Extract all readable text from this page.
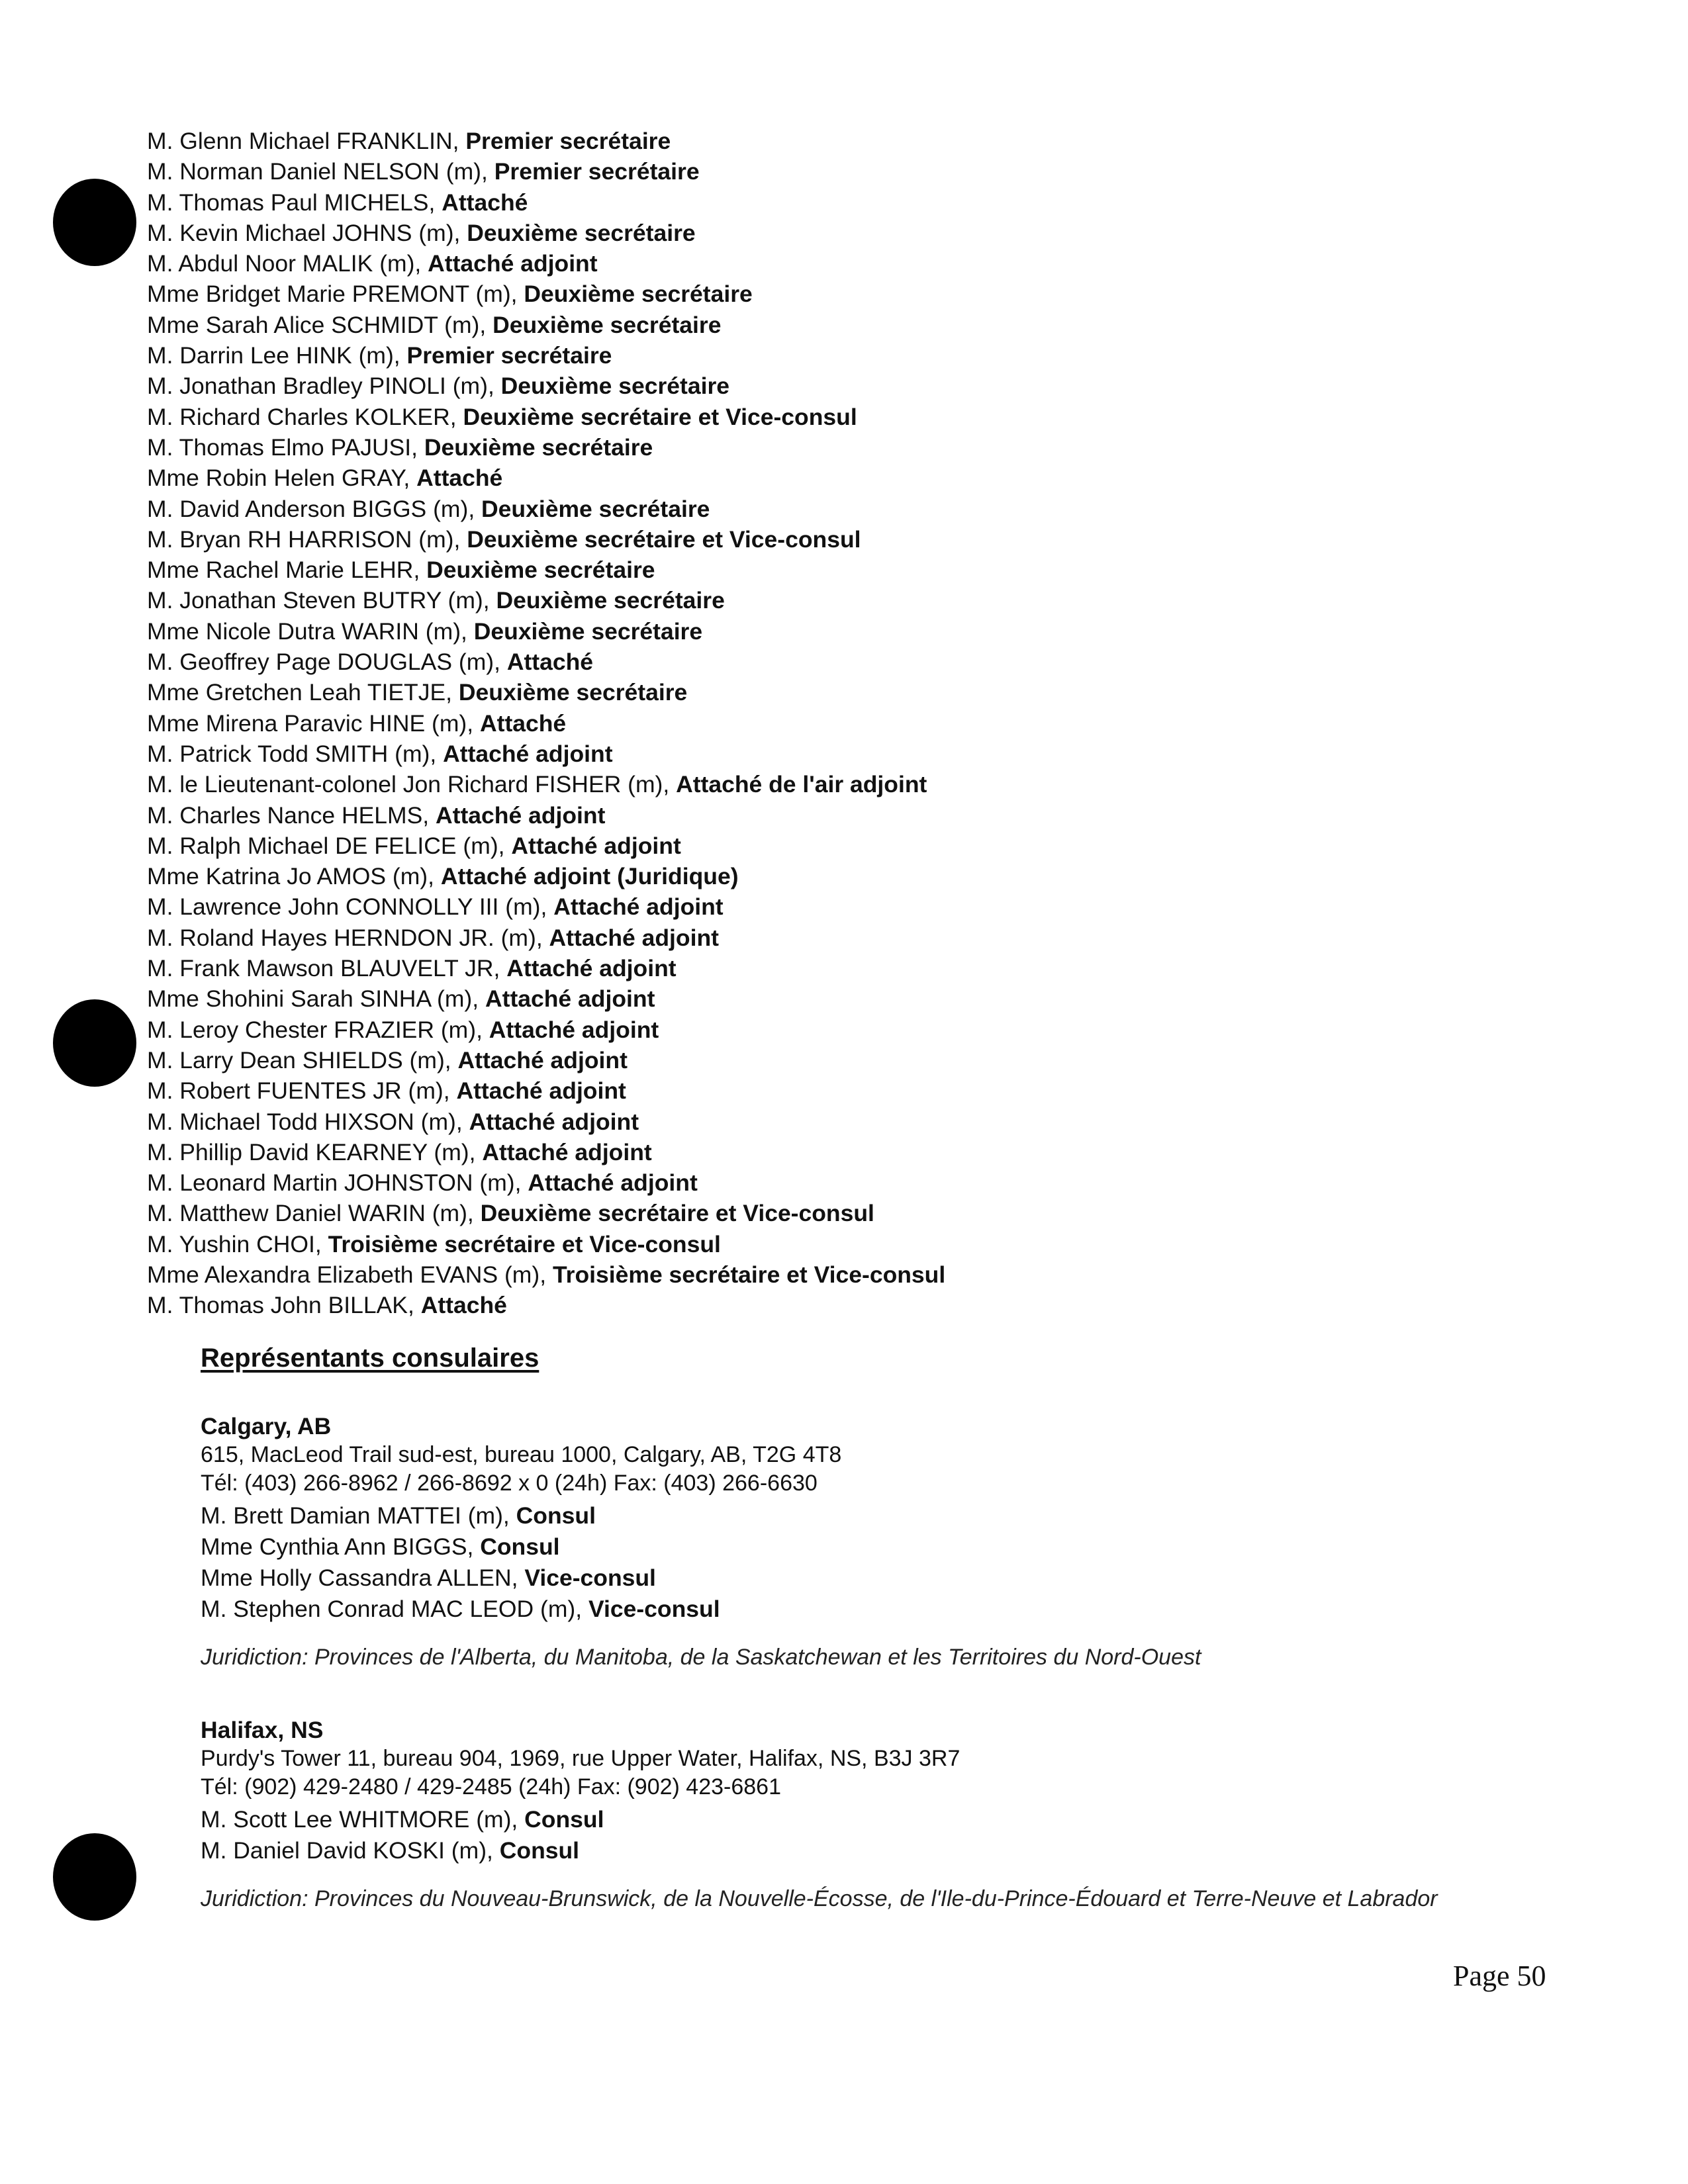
M. Glenn Michael FRANKLIN, Premier secrétaire
M. Norman Daniel NELSON (m), Premier secrétaire
M. Thomas Paul MICHELS, Attaché
M. Kevin Michael JOHNS (m), Deuxième secrétaire
M. Abdul Noor MALIK (m), Attaché adjoint
Mme Bridget Marie PREMONT (m), Deuxième secrétaire
Mme Sarah Alice SCHMIDT (m), Deuxième secrétaire
M. Darrin Lee HINK (m), Premier secrétaire
M. Jonathan Bradley PINOLI (m), Deuxième secrétaire
M. Richard Charles KOLKER, Deuxième secrétaire et Vice-consul
M. Thomas Elmo PAJUSI, Deuxième secrétaire
Mme Robin Helen GRAY, Attaché
M. David Anderson BIGGS (m), Deuxième secrétaire
M. Bryan RH HARRISON (m), Deuxième secrétaire et Vice-consul
Mme Rachel Marie LEHR, Deuxième secrétaire
M. Jonathan Steven BUTRY (m), Deuxième secrétaire
Mme Nicole Dutra WARIN (m), Deuxième secrétaire
M. Geoffrey Page DOUGLAS (m), Attaché
Mme Gretchen Leah TIETJE, Deuxième secrétaire
Mme Mirena Paravic HINE (m), Attaché
M. Patrick Todd SMITH (m), Attaché adjoint
M. le Lieutenant-colonel Jon Richard FISHER (m), Attaché de l'air adjoint
M. Charles Nance HELMS, Attaché adjoint
M. Ralph Michael DE FELICE (m), Attaché adjoint
Mme Katrina Jo AMOS (m), Attaché adjoint (Juridique)
M. Lawrence John CONNOLLY III (m), Attaché adjoint
M. Roland Hayes HERNDON JR. (m), Attaché adjoint
M. Frank Mawson BLAUVELT JR, Attaché adjoint
Mme Shohini Sarah SINHA (m), Attaché adjoint
M. Leroy Chester FRAZIER (m), Attaché adjoint
M. Larry Dean SHIELDS (m), Attaché adjoint
M. Robert FUENTES JR (m), Attaché adjoint
M. Michael Todd HIXSON (m), Attaché adjoint
M. Phillip David KEARNEY (m), Attaché adjoint
M. Leonard Martin JOHNSTON (m), Attaché adjoint
M. Matthew Daniel WARIN (m), Deuxième secrétaire et Vice-consul
M. Yushin CHOI, Troisième secrétaire et Vice-consul
Mme Alexandra Elizabeth EVANS (m), Troisième secrétaire et Vice-consul
M. Thomas John BILLAK, Attaché
Représentants consulaires
Calgary, AB
615, MacLeod Trail sud-est, bureau 1000, Calgary, AB, T2G 4T8
Tél: (403) 266-8962 / 266-8692 x 0 (24h) Fax: (403) 266-6630
M. Brett Damian MATTEI (m), Consul
Mme Cynthia Ann BIGGS, Consul
Mme Holly Cassandra ALLEN, Vice-consul
M. Stephen Conrad MAC LEOD (m), Vice-consul
Juridiction: Provinces de l'Alberta, du Manitoba, de la Saskatchewan et les Territoires du Nord-Ouest
Halifax, NS
Purdy's Tower 11, bureau 904, 1969, rue Upper Water, Halifax, NS, B3J 3R7
Tél: (902) 429-2480 / 429-2485 (24h) Fax: (902) 423-6861
M. Scott Lee WHITMORE (m), Consul
M. Daniel David KOSKI (m), Consul
Juridiction: Provinces du Nouveau-Brunswick, de la Nouvelle-Écosse, de l'Ile-du-Prince-Édouard et Terre-Neuve et Labrador
Page 50
